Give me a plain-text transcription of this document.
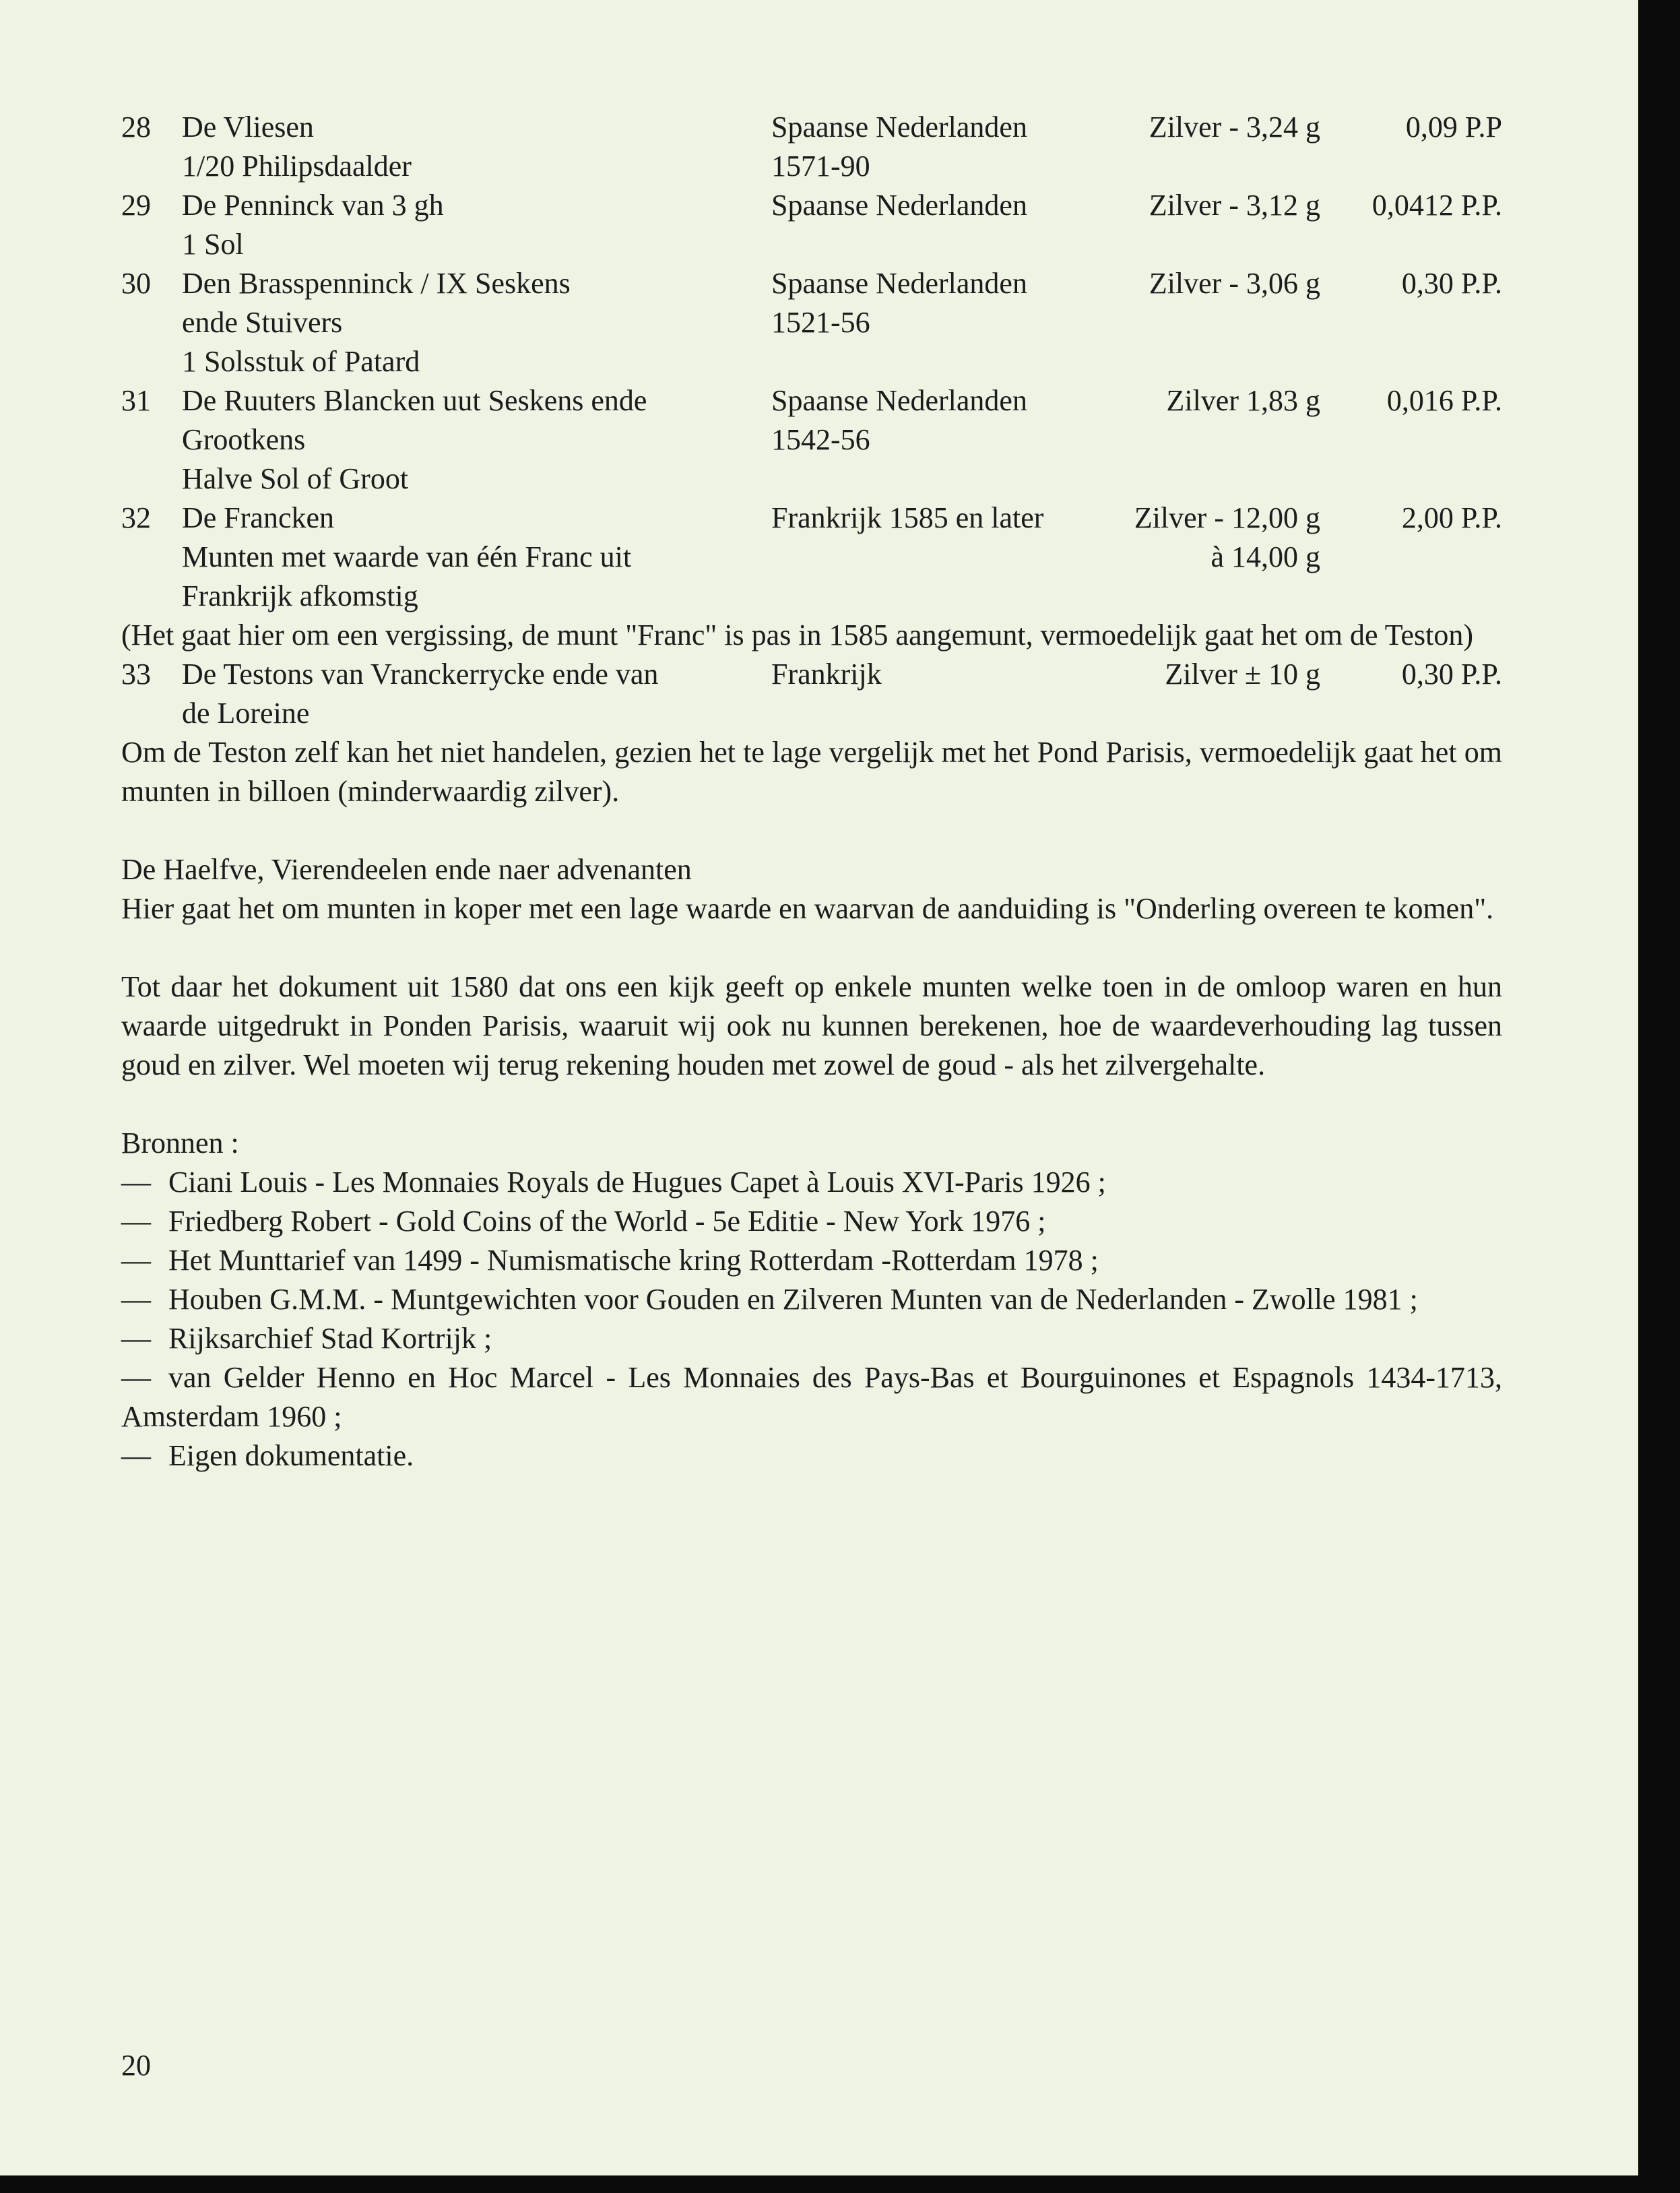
28 De Vliesen	Spaanse Nederlanden	Zilver - 3,24 g	0,09 P.P
1/20 Philipsdaalder	1571-90
29 De Penninck van 3 gh	Spaanse Nederlanden	Zilver - 3,12 g 0,0412 P.P.
1 Sol
30 Den Brasspenninck / IX Seskens	Spaanse Nederlanden	Zilver - 3,06 g	0,30 P.P.
ende Stuivers	1521-56
1 Solsstuk of Patard
31 De Ruuters Blancken uut Seskens ende	Spaanse Nederlanden	Zilver 1,83 g 0,016 P.P.
Grootkens	1542-56
Halve Sol of Groot
32 De Francken	Frankrijk 1585 en later	Zilver - 12,00 g	2,00 P.P.
Munten met waarde van één Franc uit	à 14,00 g
Frankrijk afkomstig

(Het gaat hier om een vergissing, de munt "Franc" is pas in 1585 aangemunt, vermoedelijk gaat het om de Teston)

33 De Testons van Vranckerrycke ende van	Frankrijk	Zilver ± 10 g	0,30 P.P.
de Loreine

Om de Teston zelf kan het niet handelen, gezien het te lage vergelijk met het Pond Parisis, vermoedelijk gaat het om munten in billoen (minderwaardig zilver).

De Haelfve, Vierendeelen ende naer advenanten

Hier gaat het om munten in koper met een lage waarde en waarvan de aanduiding is "Onderling overeen te komen".

Tot daar het dokument uit 1580 dat ons een kijk geeft op enkele munten welke toen in de omloop waren en hun waarde uitgedrukt in Ponden Parisis, waaruit wij ook nu kunnen berekenen, hoe de waardeverhouding lag tussen goud en zilver. Wel moeten wij terug rekening houden met zowel de goud - als het zilvergehalte.

Bronnen :

— Ciani Louis - Les Monnaies Royals de Hugues Capet à Louis XVI-Paris 1926 ;
— Friedberg Robert - Gold Coins of the World - 5e Editie - New York 1976 ;
— Het Munttarief van 1499 - Numismatische kring Rotterdam -Rotterdam 1978 ;
— Houben G.M.M. - Muntgewichten voor Gouden en Zilveren Munten van de Nederlanden - Zwolle 1981 ;
— Rijksarchief Stad Kortrijk ;
— van Gelder Henno en Hoc Marcel - Les Monnaies des Pays-Bas et Bourguinones et Espagnols 1434-1713, Amsterdam 1960 ;
— Eigen dokumentatie.
20
